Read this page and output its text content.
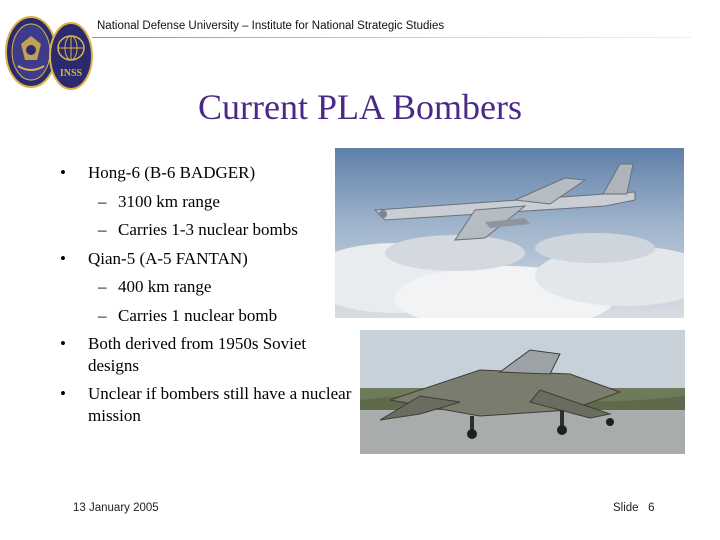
INSS
National Defense University – Institute for National Strategic Studies
Current PLA Bombers
• Hong-6 (B-6 BADGER)
– 3100 km range
– Carries 1-3 nuclear bombs
• Qian-5 (A-5 FANTAN)
– 400 km range
– Carries 1 nuclear bomb
• Both derived from 1950s Soviet designs
• Unclear if bombers still have a nuclear mission
13 January 2005	Slide 6
